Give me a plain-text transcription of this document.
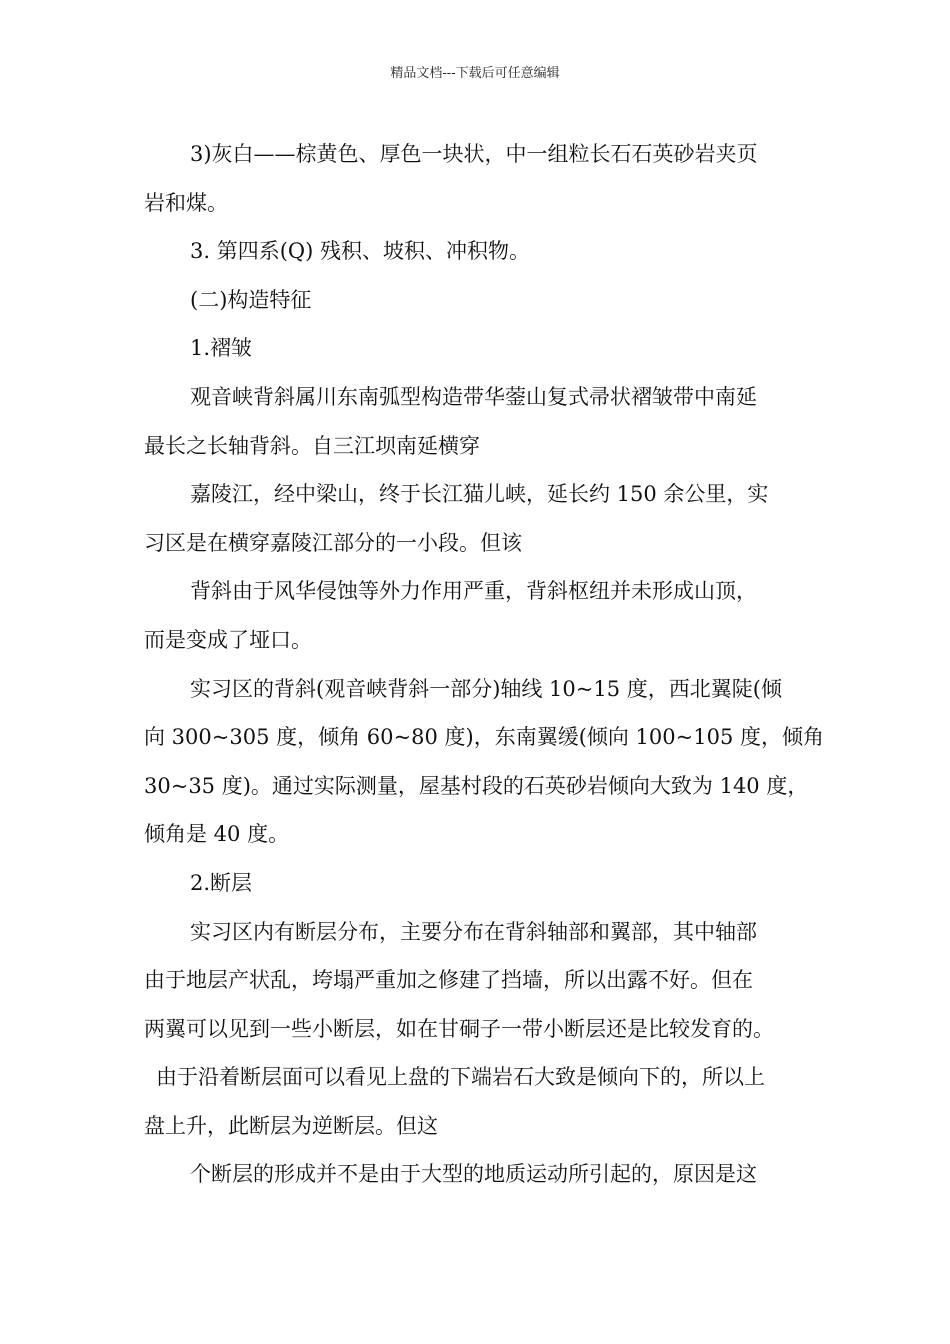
精品文档---下载后可任意编辑

3)灰白——棕黄色、厚色一块状，中一组粒长石石英砂岩夹页

岩和煤。

3. 第四系(Q) 残积、坡积、冲积物。

(二)构造特征

1.褶皱

观音峡背斜属川东南弧型构造带华蓥山复式帚状褶皱带中南延

最长之长轴背斜。自三江坝南延横穿

嘉陵江，经中梁山，终于长江猫儿峡，延长约 150 余公里，实

习区是在横穿嘉陵江部分的一小段。但该

背斜由于风华侵蚀等外力作用严重，背斜枢纽并未形成山顶，

而是变成了垭口。

实习区的背斜(观音峡背斜一部分)轴线 10~15 度，西北翼陡(倾

向 300~305 度，倾角 60~80 度)，东南翼缓(倾向 100~105 度，倾角

30~35 度)。通过实际测量，屋基村段的石英砂岩倾向大致为 140 度，

倾角是 40 度。

2.断层

实习区内有断层分布，主要分布在背斜轴部和翼部，其中轴部

由于地层产状乱，垮塌严重加之修建了挡墙，所以出露不好。但在

两翼可以见到一些小断层，如在甘硐子一带小断层还是比较发育的。

由于沿着断层面可以看见上盘的下端岩石大致是倾向下的，所以上

盘上升，此断层为逆断层。但这

个断层的形成并不是由于大型的地质运动所引起的，原因是这
